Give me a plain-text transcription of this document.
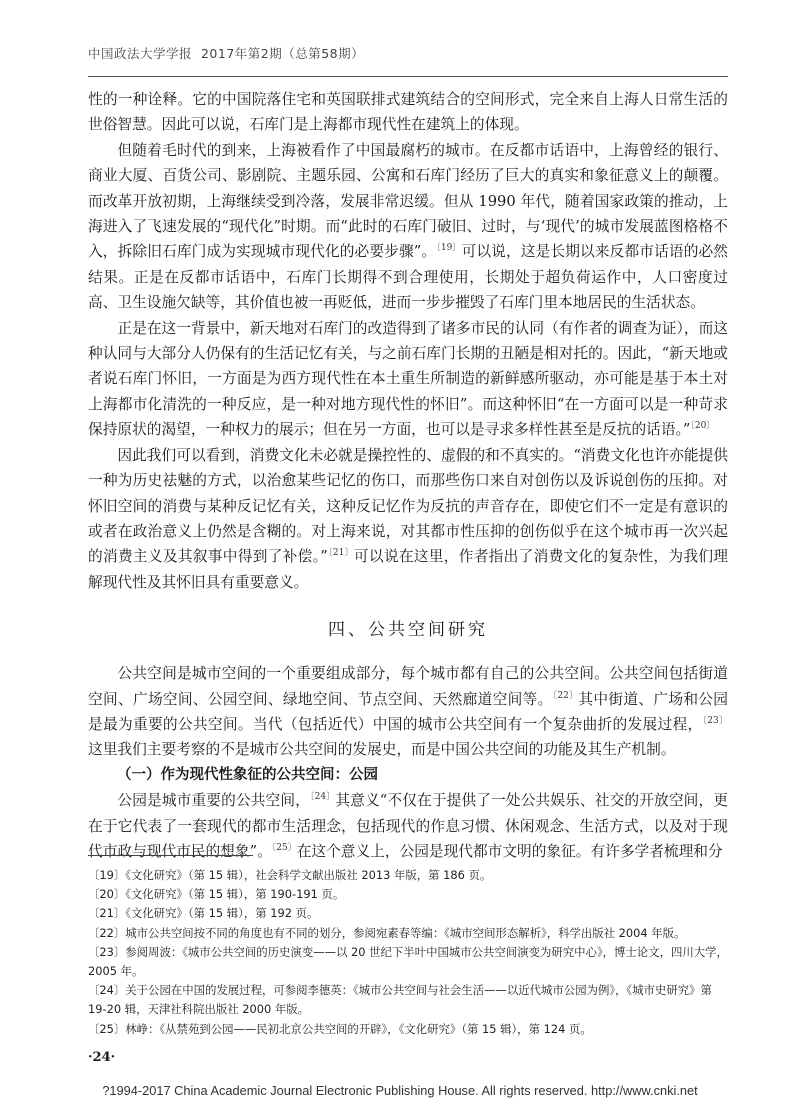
中国政法大学学报 2017年第2期（总第58期）

性的一种诠释。它的中国院落住宅和英国联排式建筑结合的空间形式，完全来自上海人日常生活的世俗智慧。因此可以说，石库门是上海都市现代性在建筑上的体现。

但随着毛时代的到来，上海被看作了中国最腐朽的城市。在反都市话语中，上海曾经的银行、商业大厦、百货公司、影剧院、主题乐园、公寓和石库门经历了巨大的真实和象征意义上的颠覆。而改革开放初期，上海继续受到冷落，发展非常迟缓。但从 1990 年代，随着国家政策的推动，上海进入了飞速发展的“现代化”时期。而“此时的石库门破旧、过时，与‘现代’的城市发展蓝图格格不入，拆除旧石库门成为实现城市现代化的必要步骤”。$^{〔19〕}$可以说，这是长期以来反都市话语的必然结果。正是在反都市话语中，石库门长期得不到合理使用，长期处于超负荷运作中，人口密度过高、卫生设施欠缺等，其价值也被一再贬低，进而一步步摧毁了石库门里本地居民的生活状态。

正是在这一背景中，新天地对石库门的改造得到了诸多市民的认同（有作者的调查为证），而这种认同与大部分人仍保有的生活记忆有关，与之前石库门长期的丑陋是相对托的。因此，“新天地或者说石库门怀旧，一方面是为西方现代性在本土重生所制造的新鲜感所驱动，亦可能是基于本土对上海都市化清洗的一种反应，是一种对地方现代性的怀旧”。而这种怀旧“在一方面可以是一种苛求保持原状的渴望，一种权力的展示；但在另一方面，也可以是寻求多样性甚至是反抗的话语。”$^{〔20〕}$

因此我们可以看到，消费文化未必就是操控性的、虚假的和不真实的。“消费文化也许亦能提供一种为历史祛魅的方式，以治愈某些记忆的伤口，而那些伤口来自对创伤以及诉说创伤的压抑。对怀旧空间的消费与某种反记忆有关，这种反记忆作为反抗的声音存在，即使它们不一定是有意识的或者在政治意义上仍然是含糊的。对上海来说，对其都市性压抑的创伤似乎在这个城市再一次兴起的消费主义及其叙事中得到了补偿。”$^{〔21〕}$可以说在这里，作者指出了消费文化的复杂性，为我们理解现代性及其怀旧具有重要意义。

四、公共空间研究

公共空间是城市空间的一个重要组成部分，每个城市都有自己的公共空间。公共空间包括街道空间、广场空间、公园空间、绿地空间、节点空间、天然廊道空间等。$^{〔22〕}$其中街道、广场和公园是最为重要的公共空间。当代（包括近代）中国的城市公共空间有一个复杂曲折的发展过程，$^{〔23〕}$这里我们主要考察的不是城市公共空间的发展史，而是中国公共空间的功能及其生产机制。

（一）作为现代性象征的公共空间：公园

公园是城市重要的公共空间，$^{〔24〕}$其意义“不仅在于提供了一处公共娱乐、社交的开放空间，更在于它代表了一套现代的都市生活理念，包括现代的作息习惯、休闲观念、生活方式，以及对于现代市政与现代市民的想象”。$^{〔25〕}$在这个意义上，公园是现代都市文明的象征。有许多学者梳理和分

〔19〕《文化研究》（第 15 辑），社会科学文献出版社 2013 年版，第 186 页。

〔20〕《文化研究》（第 15 辑），第 190-191 页。

〔21〕《文化研究》（第 15 辑），第 192 页。

〔22〕城市公共空间按不同的角度也有不同的划分，参阅宛素春等编：《城市空间形态解析》，科学出版社 2004 年版。

〔23〕参阅周波：《城市公共空间的历史演变——以 20 世纪下半叶中国城市公共空间演变为研究中心》，博士论文，四川大学，2005 年。

〔24〕关于公园在中国的发展过程，可参阅李德英：《城市公共空间与社会生活——以近代城市公园为例》，《城市史研究》第 19-20 辑，天津社科院出版社 2000 年版。

〔25〕林峥：《从禁苑到公园——民初北京公共空间的开辟》，《文化研究》（第 15 辑），第 124 页。

·24·
?1994-2017 China Academic Journal Electronic Publishing House. All rights reserved. http://www.cnki.net
